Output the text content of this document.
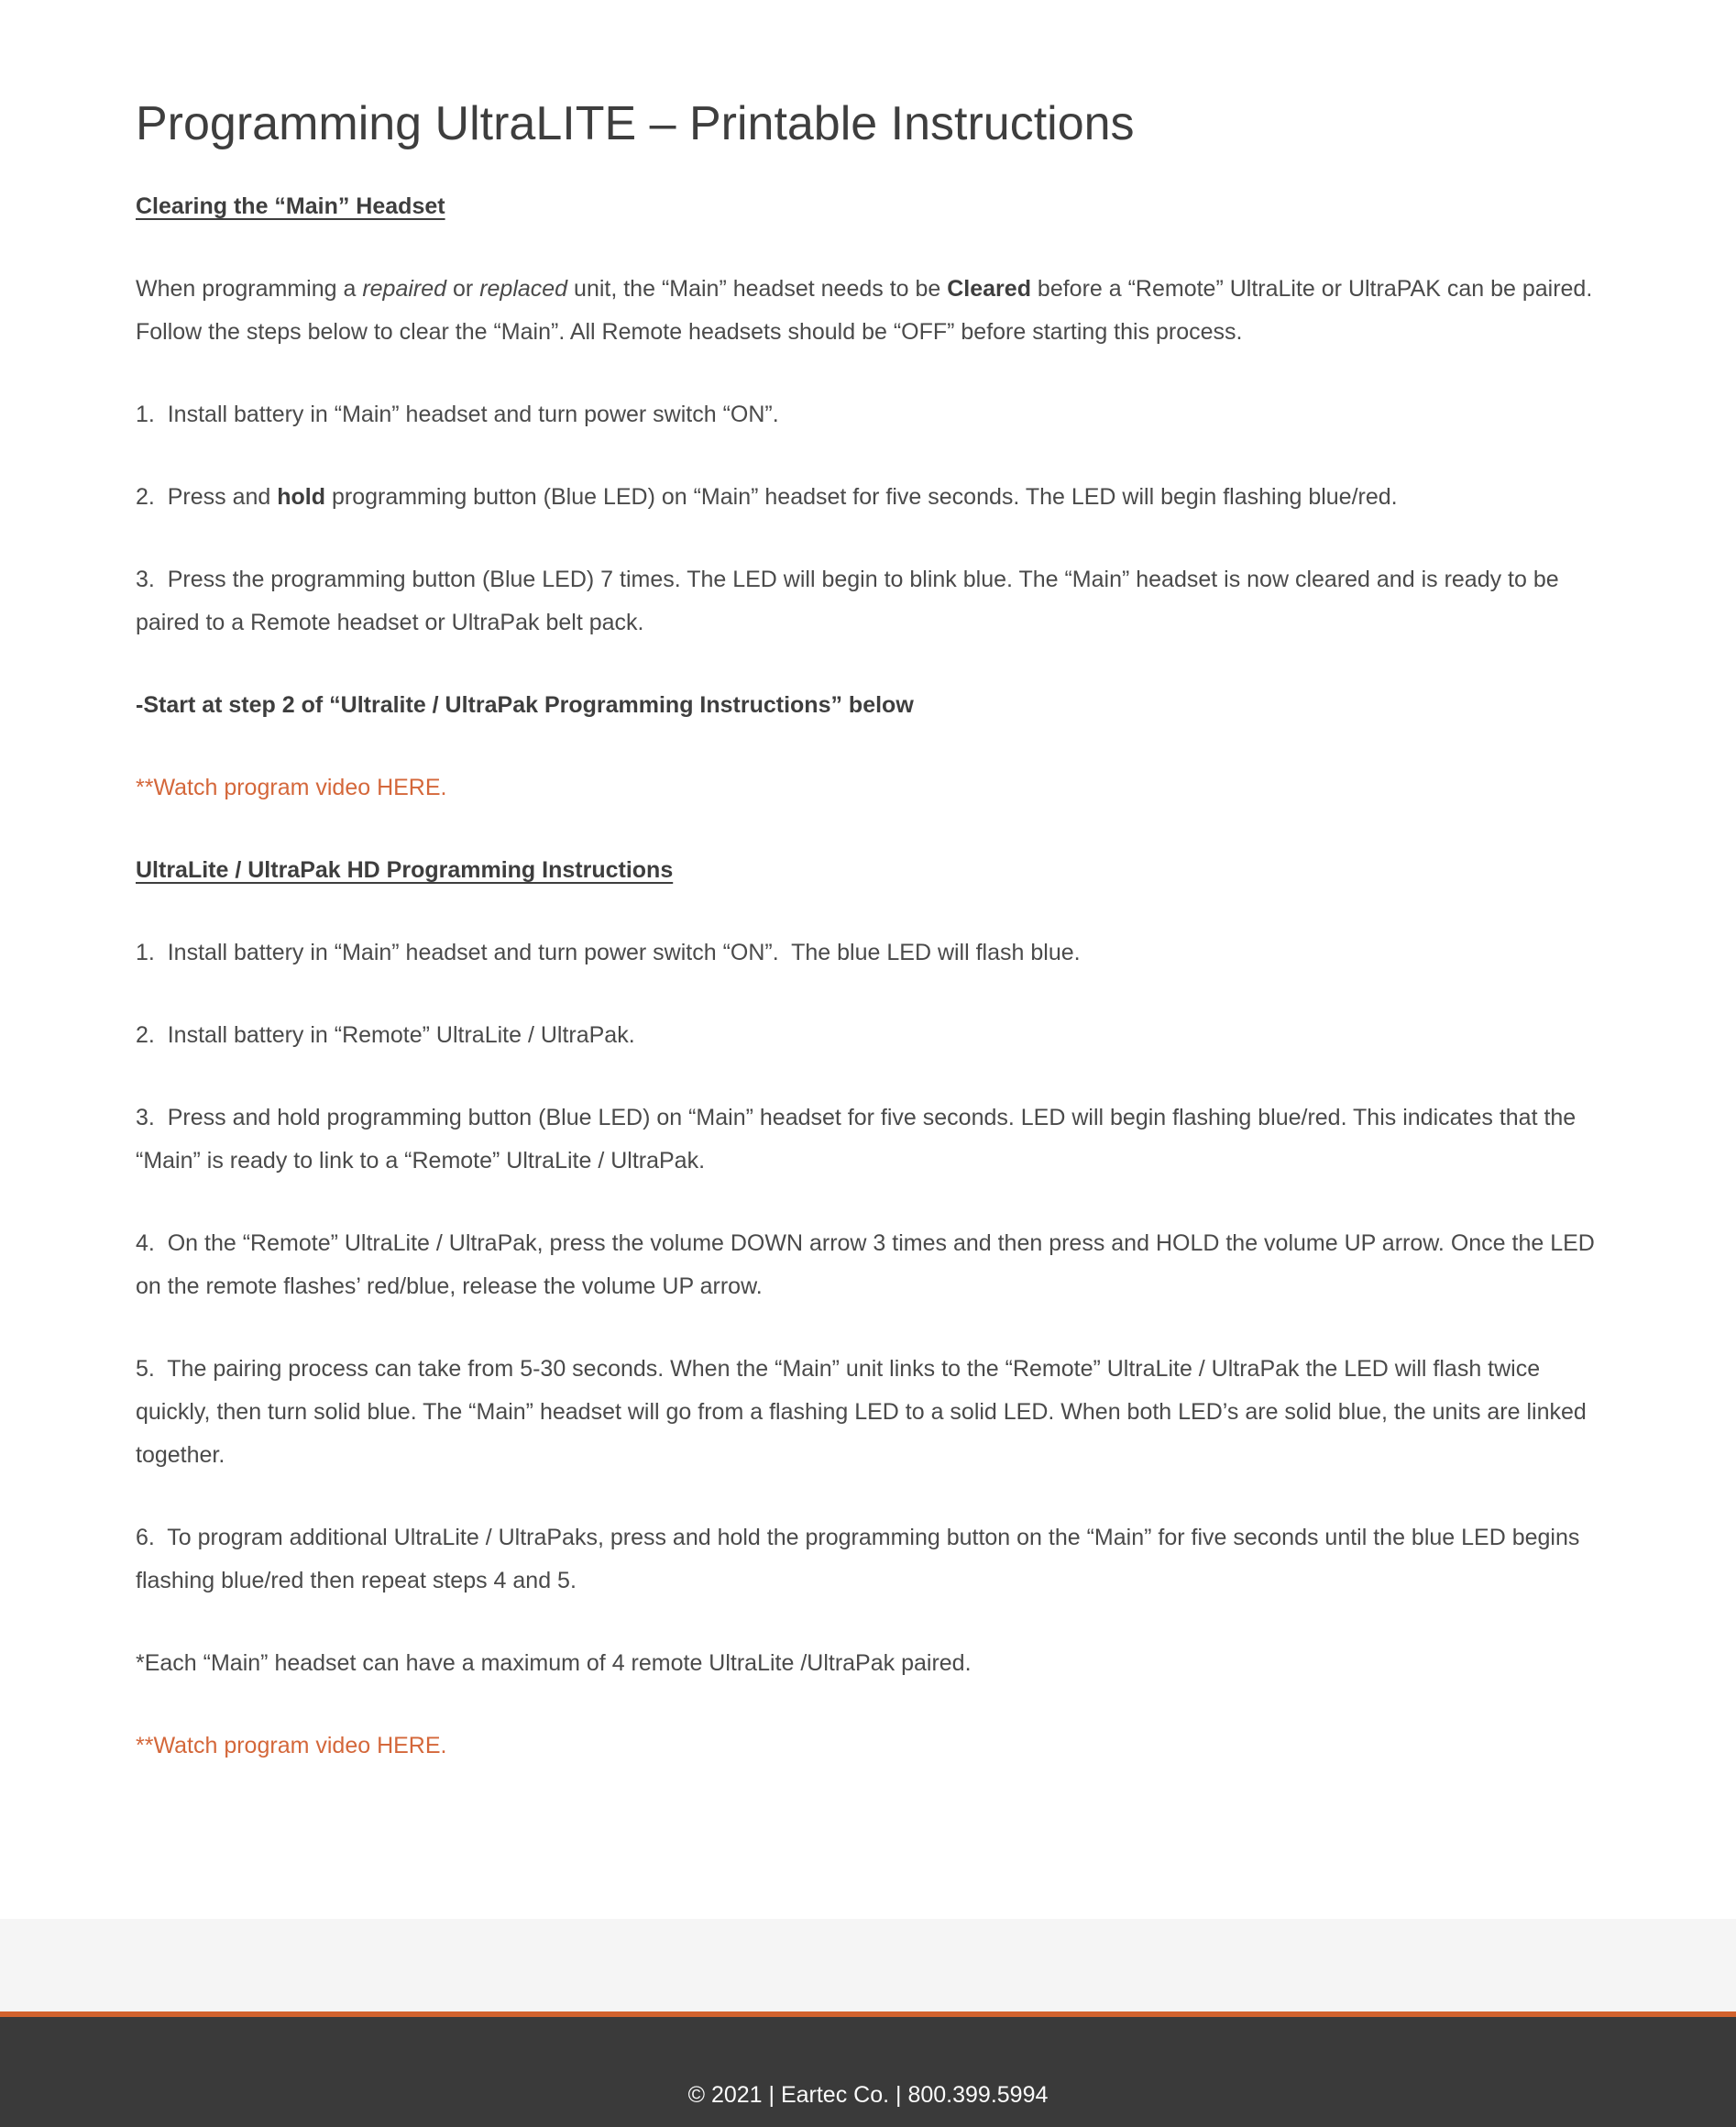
Programming UltraLITE – Printable Instructions

Clearing the “Main” Headset

When programming a repaired or replaced unit, the “Main” headset needs to be Cleared before a “Remote” UltraLite or UltraPAK can be paired. Follow the steps below to clear the “Main”. All Remote headsets should be “OFF” before starting this process.

1.  Install battery in “Main” headset and turn power switch “ON”.

2.  Press and hold programming button (Blue LED) on “Main” headset for five seconds. The LED will begin flashing blue/red.

3.  Press the programming button (Blue LED) 7 times. The LED will begin to blink blue. The “Main” headset is now cleared and is ready to be paired to a Remote headset or UltraPak belt pack.

-Start at step 2 of “Ultralite / UltraPak Programming Instructions” below

**Watch program video HERE.

UltraLite / UltraPak HD Programming Instructions

1.  Install battery in “Main” headset and turn power switch “ON”.  The blue LED will flash blue.

2.  Install battery in “Remote” UltraLite / UltraPak.

3.  Press and hold programming button (Blue LED) on “Main” headset for five seconds. LED will begin flashing blue/red. This indicates that the “Main” is ready to link to a “Remote” UltraLite / UltraPak.

4.  On the “Remote” UltraLite / UltraPak, press the volume DOWN arrow 3 times and then press and HOLD the volume UP arrow. Once the LED on the remote flashes’ red/blue, release the volume UP arrow.

5.  The pairing process can take from 5-30 seconds. When the “Main” unit links to the “Remote” UltraLite / UltraPak the LED will flash twice quickly, then turn solid blue. The “Main” headset will go from a flashing LED to a solid LED. When both LED’s are solid blue, the units are linked together.

6.  To program additional UltraLite / UltraPaks, press and hold the programming button on the “Main” for five seconds until the blue LED begins flashing blue/red then repeat steps 4 and 5.

*Each “Main” headset can have a maximum of 4 remote UltraLite /UltraPak paired.

**Watch program video HERE.

© 2021 | Eartec Co. | 800.399.5994
